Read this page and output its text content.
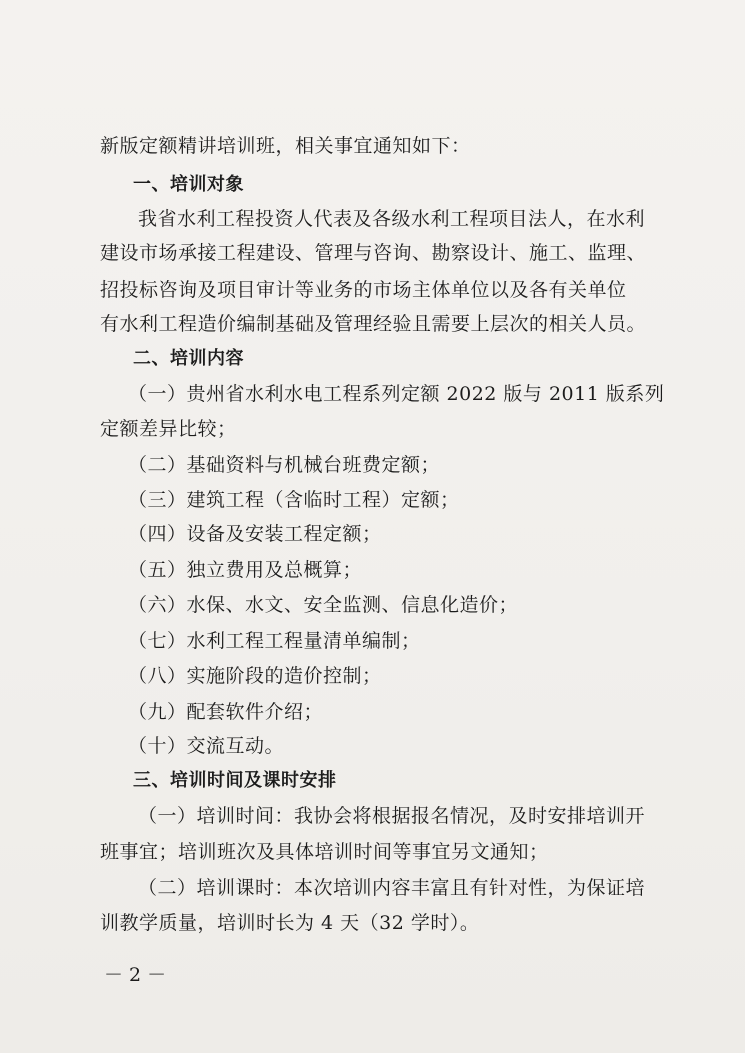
新版定额精讲培训班，相关事宜通知如下：
一、培训对象
我省水利工程投资人代表及各级水利工程项目法人，在水利
建设市场承接工程建设、管理与咨询、勘察设计、施工、监理、
招投标咨询及项目审计等业务的市场主体单位以及各有关单位
有水利工程造价编制基础及管理经验且需要上层次的相关人员。
二、培训内容
（一）贵州省水利水电工程系列定额 2022 版与 2011 版系列
定额差异比较；
（二）基础资料与机械台班费定额；
（三）建筑工程（含临时工程）定额；
（四）设备及安装工程定额；
（五）独立费用及总概算；
（六）水保、水文、安全监测、信息化造价；
（七）水利工程工程量清单编制；
（八）实施阶段的造价控制；
（九）配套软件介绍；
（十）交流互动。
三、培训时间及课时安排
（一）培训时间：我协会将根据报名情况，及时安排培训开
班事宜；培训班次及具体培训时间等事宜另文通知；
（二）培训课时：本次培训内容丰富且有针对性，为保证培
训教学质量，培训时长为 4 天（32 学时）。
－ 2 －
